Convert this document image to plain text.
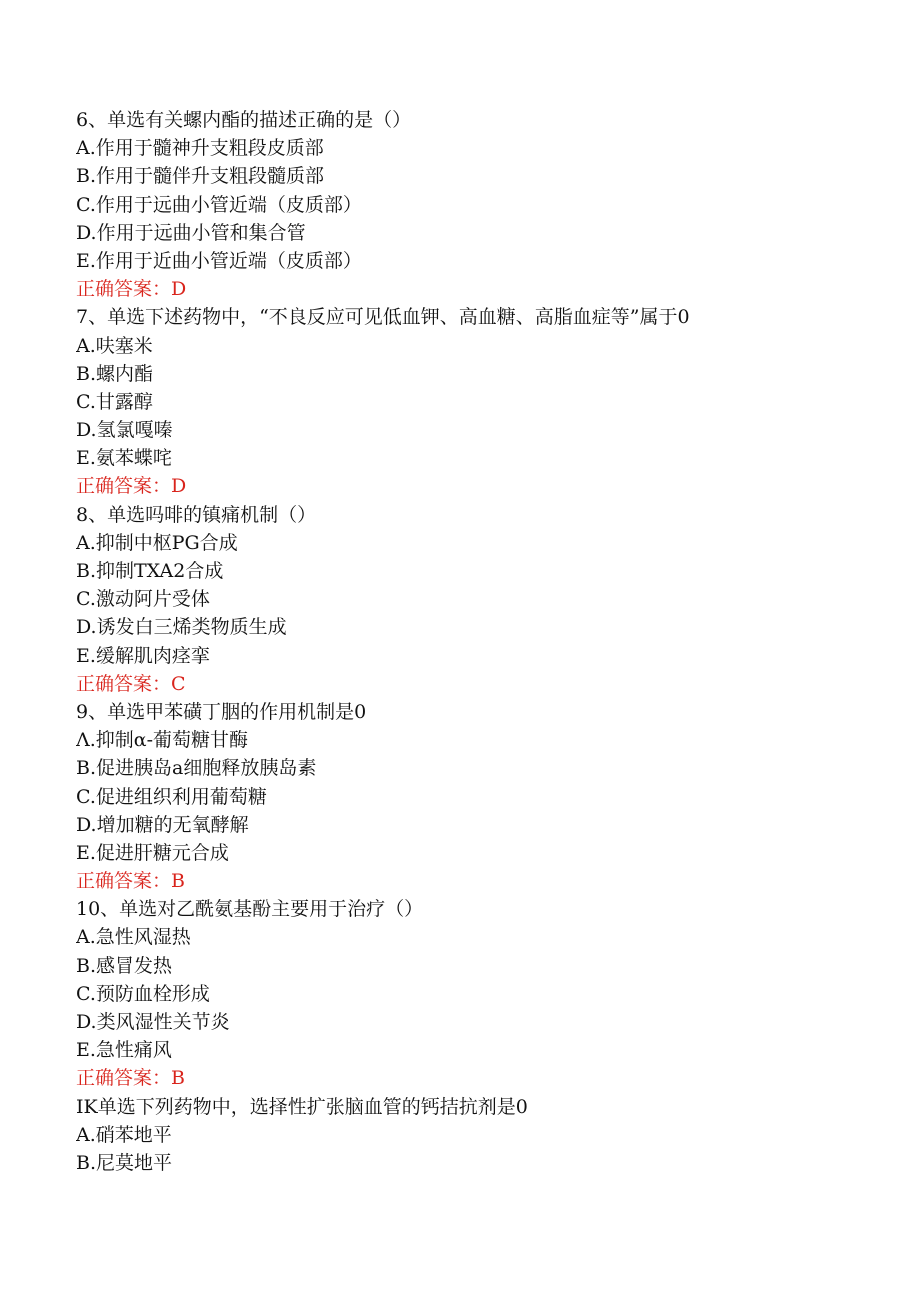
6、单选有关螺内酯的描述正确的是（）
A.作用于髓神升支粗段皮质部
B.作用于髓伴升支粗段髓质部
C.作用于远曲小管近端（皮质部）
D.作用于远曲小管和集合管
E.作用于近曲小管近端（皮质部）
正确答案：D
7、单选下述药物中，“不良反应可见低血钾、高血糖、高脂血症等”属于0
A.呋塞米
B.螺内酯
C.甘露醇
D.氢氯嘎嗪
E.氨苯蝶咤
正确答案：D
8、单选吗啡的镇痛机制（）
A.抑制中枢PG合成
B.抑制TXA2合成
C.激动阿片受体
D.诱发白三烯类物质生成
E.缓解肌肉痉挛
正确答案：C
9、单选甲苯磺丁胭的作用机制是0
Λ.抑制α-葡萄糖甘酶
B.促进胰岛a细胞释放胰岛素
C.促进组织利用葡萄糖
D.增加糖的无氧酵解
E.促进肝糖元合成
正确答案：B
10、单选对乙酰氨基酚主要用于治疗（）
A.急性风湿热
B.感冒发热
C.预防血栓形成
D.类风湿性关节炎
E.急性痛风
正确答案：B
IK单选下列药物中，选择性扩张脑血管的钙拮抗剂是0
A.硝苯地平
B.尼莫地平
